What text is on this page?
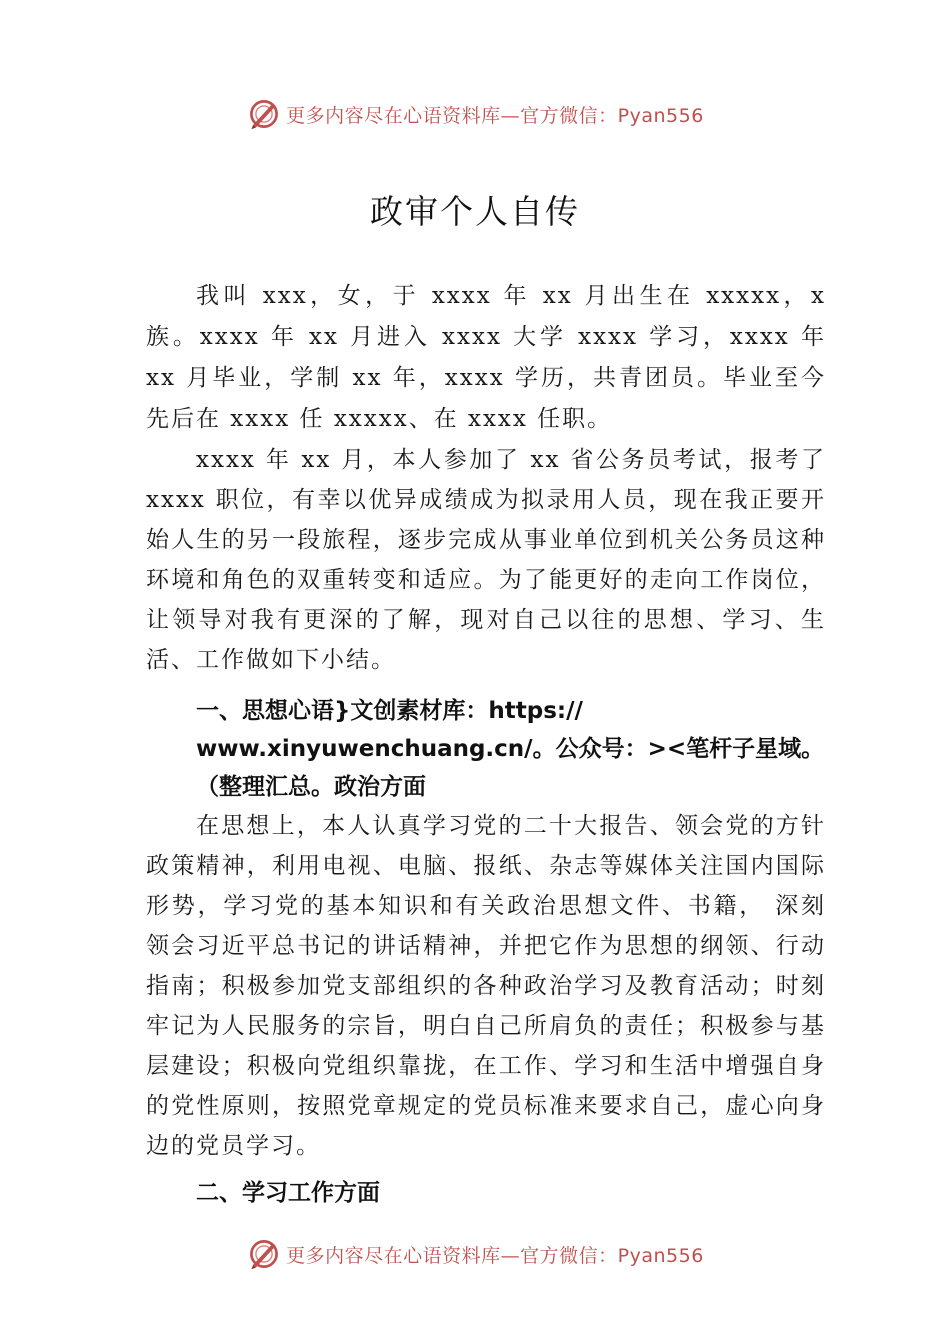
更多内容尽在心语资料库—官方微信：Pyan556
政审个人自传

我叫 xxx，女，于 xxxx 年 xx 月出生在 xxxxx，x 族。xxxx 年 xx 月进入 xxxx 大学 xxxx 学习，xxxx 年 xx 月毕业，学制 xx 年，xxxx 学历，共青团员。毕业至今先后在 xxxx 任 xxxxx、在 xxxx 任职。

xxxx 年 xx 月，本人参加了 xx 省公务员考试，报考了 xxxx 职位，有幸以优异成绩成为拟录用人员，现在我正要开始人生的另一段旅程，逐步完成从事业单位到机关公务员这种环境和角色的双重转变和适应。为了能更好的走向工作岗位，让领导对我有更深的了解，现对自己以往的思想、学习、生活、工作做如下小结。

一、思想心语}文创素材库：https:// www.xinyuwenchuang.cn/。公众号：><笔杆子星域。（整理汇总。政治方面

在思想上，本人认真学习党的二十大报告、领会党的方针政策精神，利用电视、电脑、报纸、杂志等媒体关注国内国际形势，学习党的基本知识和有关政治思想文件、书籍， 深刻领会习近平总书记的讲话精神，并把它作为思想的纲领、行动指南；积极参加党支部组织的各种政治学习及教育活动；时刻牢记为人民服务的宗旨，明白自己所肩负的责任；积极参与基层建设；积极向党组织靠拢，在工作、学习和生活中增强自身的党性原则，按照党章规定的党员标准来要求自己，虚心向身边的党员学习。

二、学习工作方面

更多内容尽在心语资料库—官方微信：Pyan556
